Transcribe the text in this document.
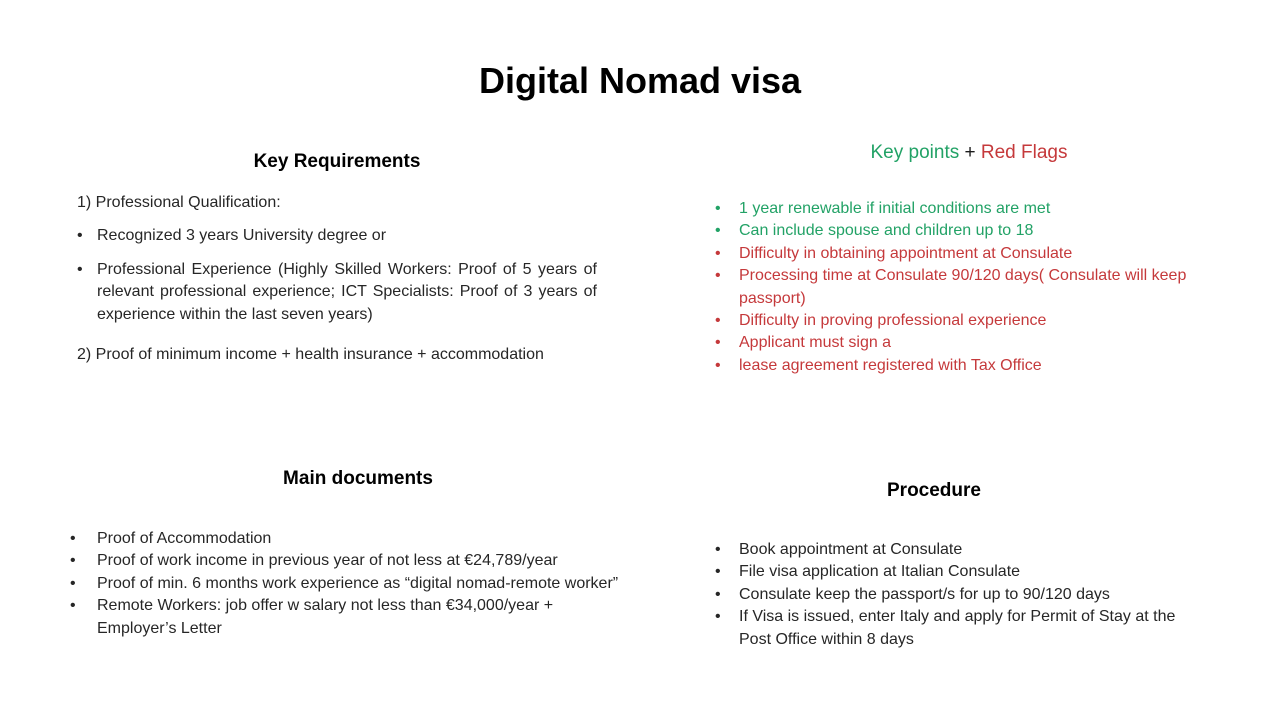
Digital Nomad visa
Key Requirements
1) Professional Qualification:
• Recognized 3 years University degree or
• Professional Experience (Highly Skilled Workers: Proof of 5 years of relevant professional experience; ICT Specialists: Proof of 3 years of experience within the last seven years)
2) Proof of minimum income + health insurance + accommodation
Key points + Red Flags
• 1 year renewable if initial conditions are met
• Can include spouse and children up to 18
• Difficulty in obtaining appointment at Consulate
• Processing time at Consulate 90/120 days( Consulate will keep passport)
• Difficulty in proving professional experience
• Applicant must sign a
• lease agreement registered with Tax Office
Main documents
• Proof of Accommodation
• Proof of work income in previous year of not less at €24,789/year
• Proof of min. 6 months work experience as “digital nomad-remote worker”
• Remote Workers: job offer w salary not less than €34,000/year + Employer’s Letter
Procedure
• Book appointment at Consulate
• File visa application at Italian Consulate
• Consulate keep the passport/s for up to 90/120 days
• If Visa is issued, enter Italy and apply for Permit of Stay at the Post Office within 8 days
